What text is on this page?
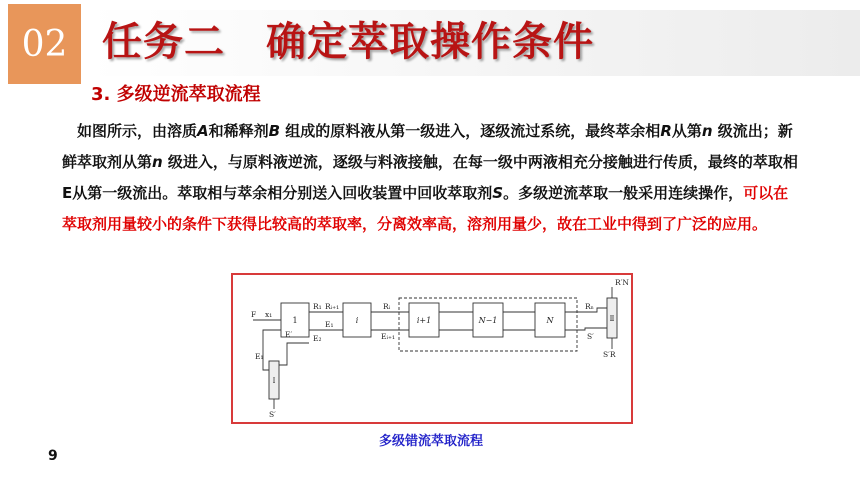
02 任务二　确定萃取操作条件
3. 多级逆流萃取流程
 如图所示，由溶质A和稀释剂B 组成的原料液从第一级进入，逐级流过系统，最终萃余相R从第n 级流出；新鲜萃取剂从第n 级进入，与原料液逆流，逐级与料液接触，在每一级中两液相充分接触进行传质，最终的萃取相E从第一级流出。萃取相与萃余相分别送入回收装置中回收萃取剂S。多级逆流萃取一般采用连续操作，可以在萃取剂用量较小的条件下获得比较高的萃取率，分离效率高，溶剂用量少，故在工业中得到了广泛的应用。
F x₁
R₁ Rᵢ₊₁	Rᵢ	Rₙ
R′N
E₁
E₂	Eᵢ₊₁
E′
E₁
S′
S′R
S′
1	i	i+1	N−1	N	Ⅱ
Ⅰ
多级错流萃取流程
9
